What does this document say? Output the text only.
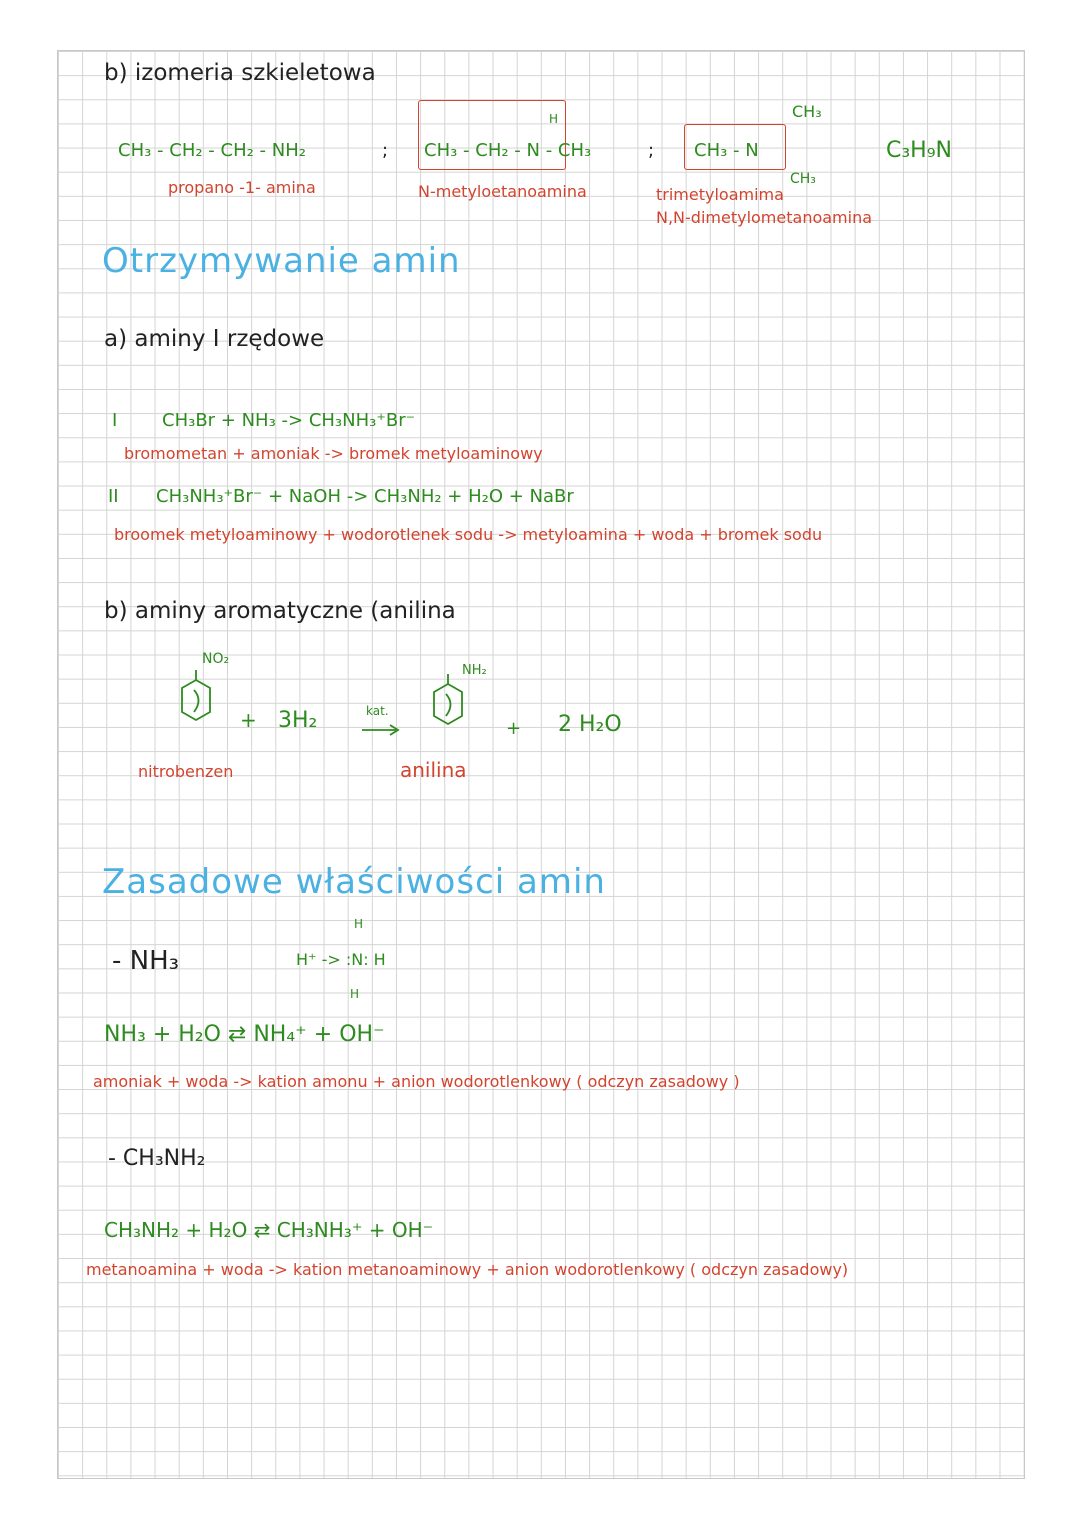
b) izomeria szkieletowa
CH₃ - CH₂ - CH₂ - NH₂	;
H
CH₃ - CH₂ - N - CH₃	;
CH₃
CH₃ - N
CH₃
C₃H₉N
propano -1- amina	N-metyloetanoamina	trimetyloamima
N,N-dimetylometanoamina
Otrzymywanie amin
a) aminy I rzędowe
I CH₃Br + NH₃ -> CH₃NH₃⁺Br⁻
bromometan + amoniak -> bromek metyloaminowy
II CH₃NH₃⁺Br⁻ + NaOH -> CH₃NH₂ + H₂O + NaBr
broomek metyloaminowy + wodorotlenek sodu -> metyloamina + woda + bromek sodu
b) aminy aromatyczne (anilina
NO₂
+ 3H₂	kat.
NH₂
+ 2 H₂O
nitrobenzen	anilina
Zasadowe właściwości amin
- NH₃
H
H⁺ -> :N: H
H
NH₃ + H₂O ⇄ NH₄⁺ + OH⁻
amoniak + woda -> kation amonu + anion wodorotlenkowy ( odczyn zasadowy )
- CH₃NH₂
CH₃NH₂ + H₂O ⇄ CH₃NH₃⁺ + OH⁻
metanoamina + woda -> kation metanoaminowy + anion wodorotlenkowy ( odczyn zasadowy)
